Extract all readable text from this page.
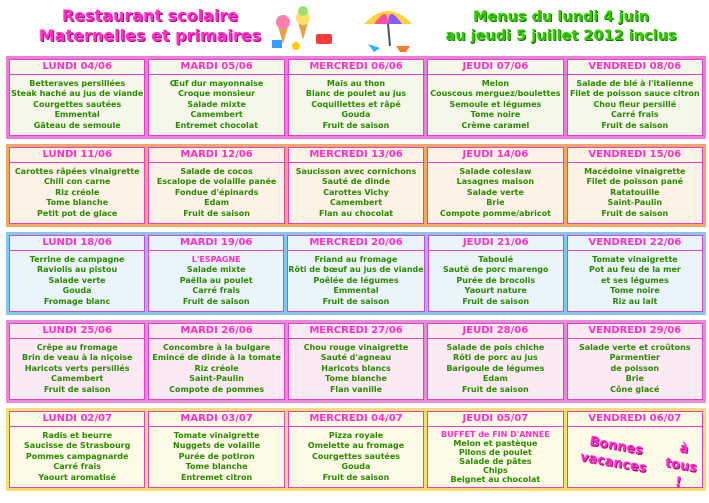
Restaurant scolaire
Maternelles et primaires
Menus du lundi 4 juin
au jeudi 5 juillet 2012 inclus
LUNDI 04/06
Betteraves persillées
Steak haché au jus de viande
Courgettes sautées
Emmental
Gâteau de semoule
MARDI 05/06
Œuf dur mayonnaise
Croque monsieur
Salade mixte
Camembert
Entremet chocolat
MERCREDI 06/06
Maïs au thon
Blanc de poulet au jus
Coquillettes et râpé
Gouda
Fruit de saison
JEUDI 07/06
Melon
Couscous merguez/boulettes
Semoule et légumes
Tome noire
Crème caramel
VENDREDI 08/06
Salade de blé à l'italienne
Filet de poisson sauce citron
Chou fleur persillé
Carré frais
Fruit de saison
LUNDI 11/06
Carottes râpées vinaigrette
Chili con carne
Riz créole
Tome blanche
Petit pot de glace
MARDI 12/06
Salade de cocos
Escalope de volaille panée
Fondue d'épinards
Edam
Fruit de saison
MERCREDI 13/06
Saucisson avec cornichons
Sauté de dinde
Carottes Vichy
Camembert
Flan au chocolat
JEUDI 14/06
Salade coleslaw
Lasagnes maison
Salade verte
Brie
Compote pomme/abricot
VENDREDI 15/06
Macédoine vinaigrette
Filet de poisson pané
Ratatouille
Saint-Paulin
Fruit de saison
LUNDI 18/06
Terrine de campagne
Raviolis au pistou
Salade verte
Gouda
Fromage blanc
MARDI 19/06
L'ESPAGNE
Salade mixte
Paëlla au poulet
Carré frais
Fruit de saison
MERCREDI 20/06
Friand au fromage
Rôti de bœuf au jus de viande
Poêlée de légumes
Emmental
Fruit de saison
JEUDI 21/06
Taboulé
Sauté de porc marengo
Purée de brocolis
Yaourt nature
Fruit de saison
VENDREDI 22/06
Tomate vinaigrette
Pot au feu de la mer
et ses légumes
Tome noire
Riz au lait
LUNDI 25/06
Crêpe au fromage
Brin de veau à la niçoise
Haricots verts persillés
Camembert
Fruit de saison
MARDI 26/06
Concombre à la bulgare
Emincé de dinde à la tomate
Riz créole
Saint-Paulin
Compote de pommes
MERCREDI 27/06
Chou rouge vinaigrette
Sauté d'agneau
Haricots blancs
Tome blanche
Flan vanille
JEUDI 28/06
Salade de pois chiche
Rôti de porc au jus
Barigoule de légumes
Edam
Fruit de saison
VENDREDI 29/06
Salade verte et croûtons
Parmentier
de poisson
Brie
Cône glacé
LUNDI 02/07
Radis et beurre
Saucisse de Strasbourg
Pommes campagnarde
Carré frais
Yaourt aromatisé
MARDI 03/07
Tomate vinaigrette
Nuggets de volaille
Purée de potiron
Tome blanche
Entremet citron
MERCREDI 04/07
Pizza royale
Omelette au fromage
Courgettes sautées
Gouda
Fruit de saison
JEUDI 05/07
BUFFET de FIN D'ANNEE
Melon et pastèque
Pilons de poulet
Salade de pâtes
Chips
Beignet au chocolat
VENDREDI 06/07
Bonnes vacances
à tous !
